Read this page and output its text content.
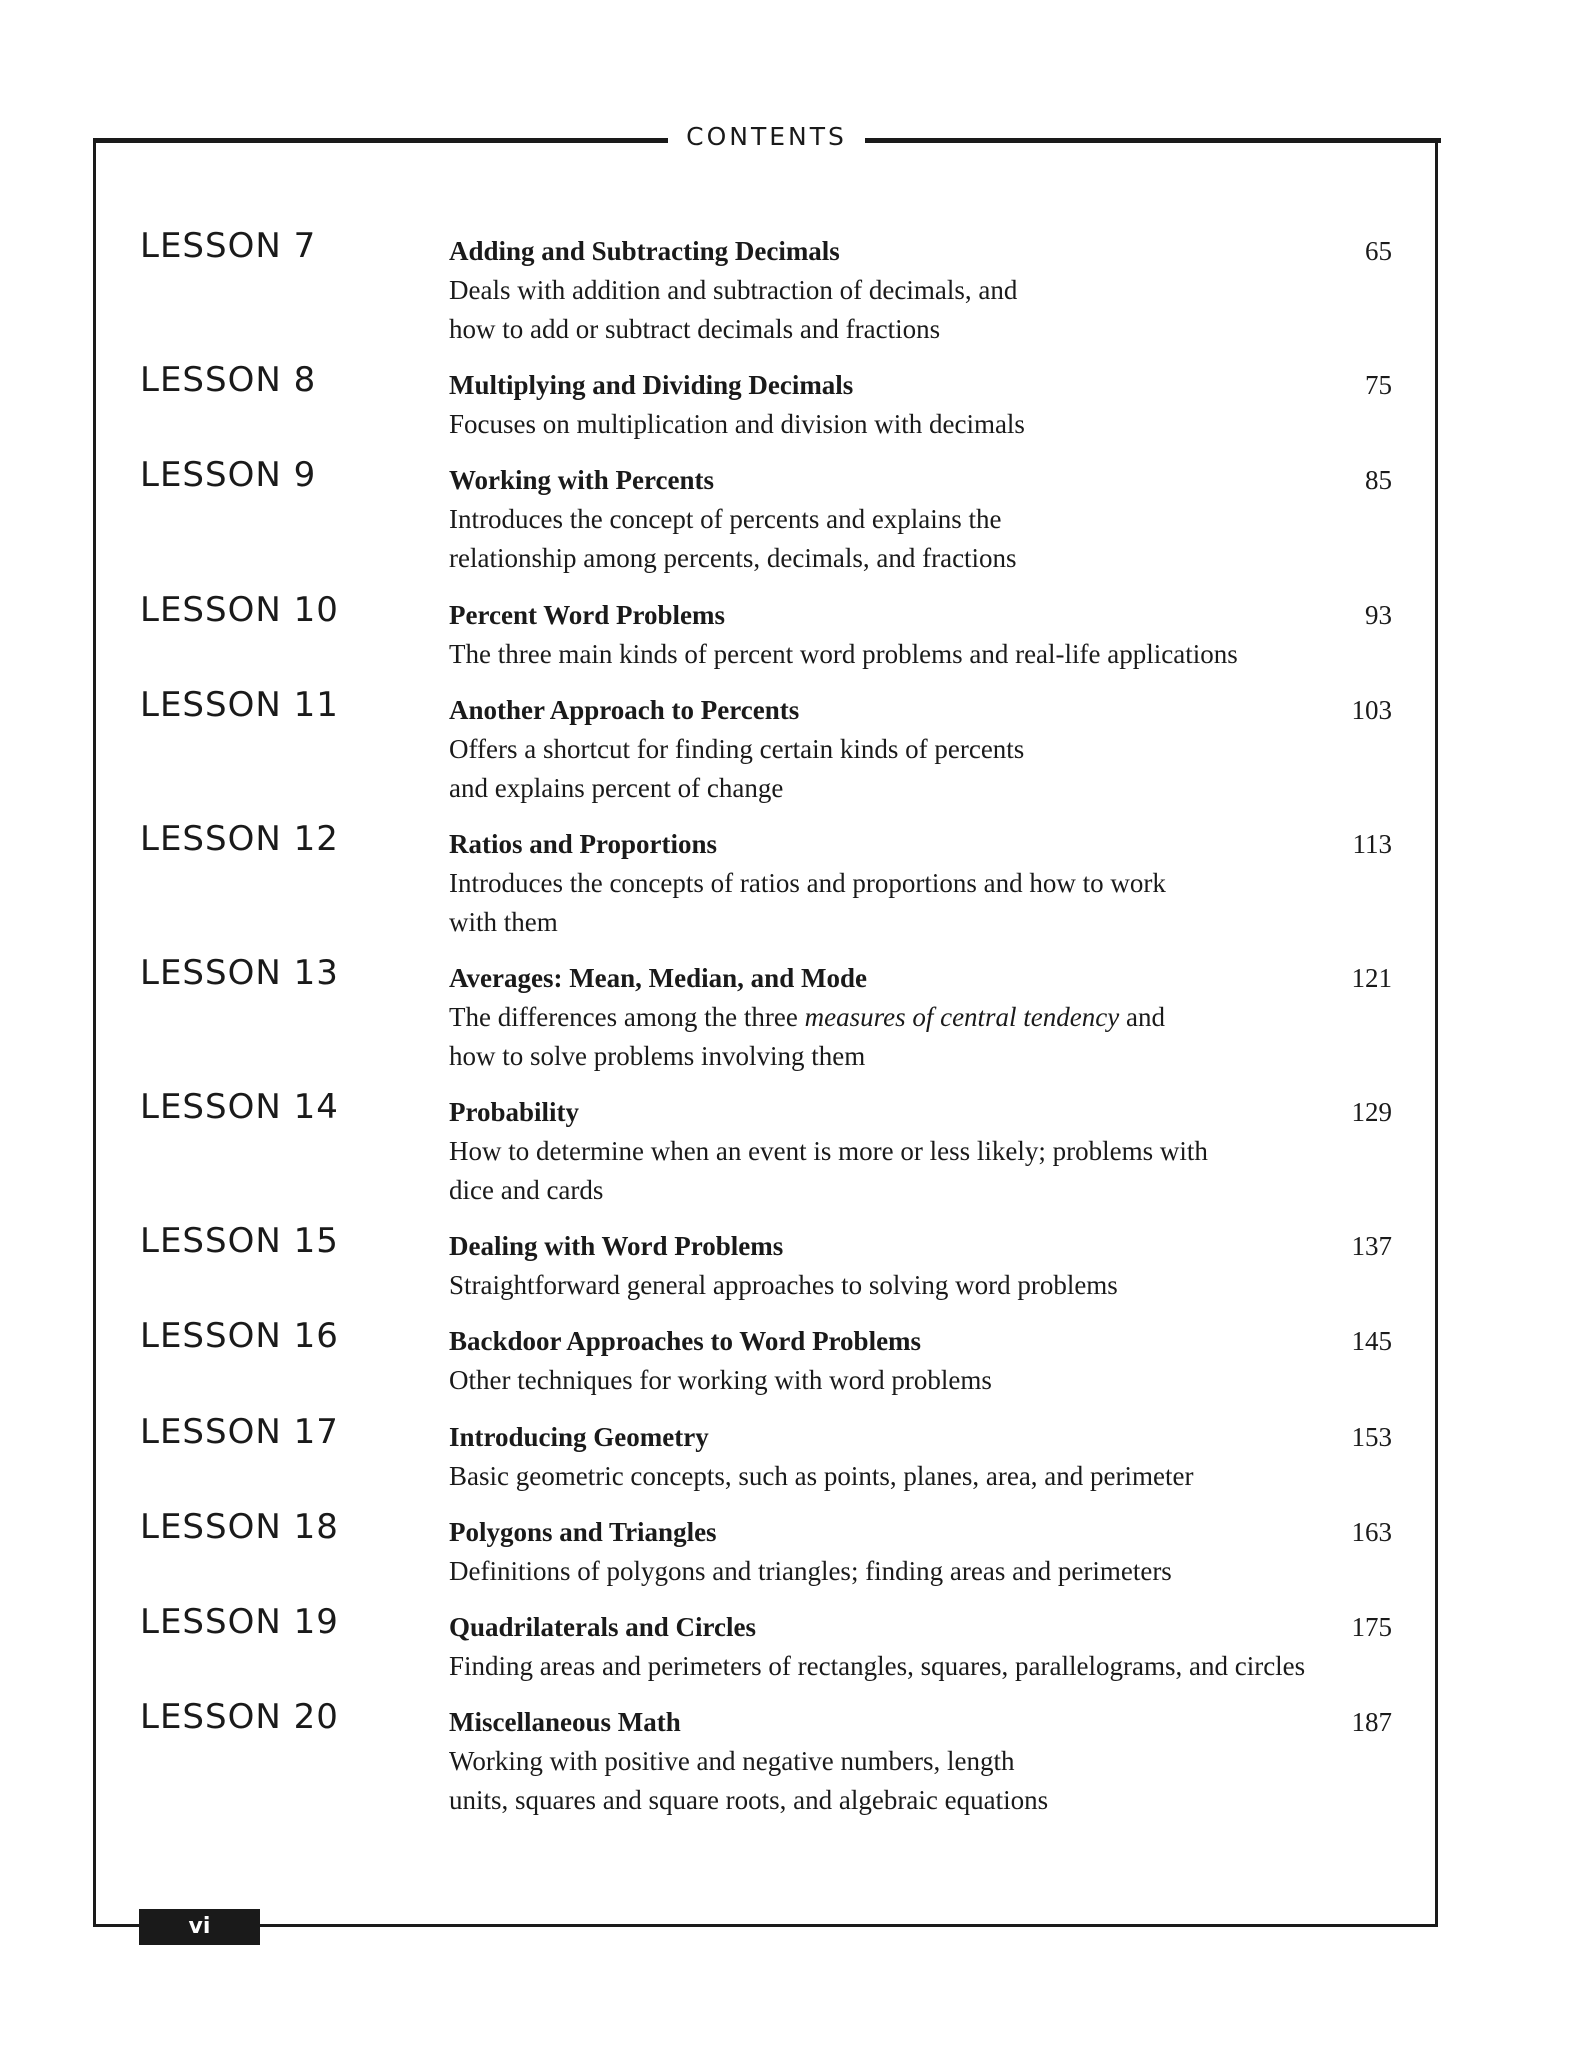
CONTENTS
LESSON 7	Adding and Subtracting Decimals	65
Deals with addition and subtraction of decimals, and
how to add or subtract decimals and fractions
LESSON 8	Multiplying and Dividing Decimals	75
Focuses on multiplication and division with decimals
LESSON 9	Working with Percents	85
Introduces the concept of percents and explains the
relationship among percents, decimals, and fractions
LESSON 10	Percent Word Problems	93
The three main kinds of percent word problems and real-life applications
LESSON 11	Another Approach to Percents	103
Offers a shortcut for finding certain kinds of percents
and explains percent of change
LESSON 12	Ratios and Proportions	113
Introduces the concepts of ratios and proportions and how to work
with them
LESSON 13	Averages: Mean, Median, and Mode	121
The differences among the three measures of central tendency and
how to solve problems involving them
LESSON 14	Probability	129
How to determine when an event is more or less likely; problems with
dice and cards
LESSON 15	Dealing with Word Problems	137
Straightforward general approaches to solving word problems
LESSON 16	Backdoor Approaches to Word Problems	145
Other techniques for working with word problems
LESSON 17	Introducing Geometry	153
Basic geometric concepts, such as points, planes, area, and perimeter
LESSON 18	Polygons and Triangles	163
Definitions of polygons and triangles; finding areas and perimeters
LESSON 19	Quadrilaterals and Circles	175
Finding areas and perimeters of rectangles, squares, parallelograms, and circles
LESSON 20	Miscellaneous Math	187
Working with positive and negative numbers, length
units, squares and square roots, and algebraic equations
vi
